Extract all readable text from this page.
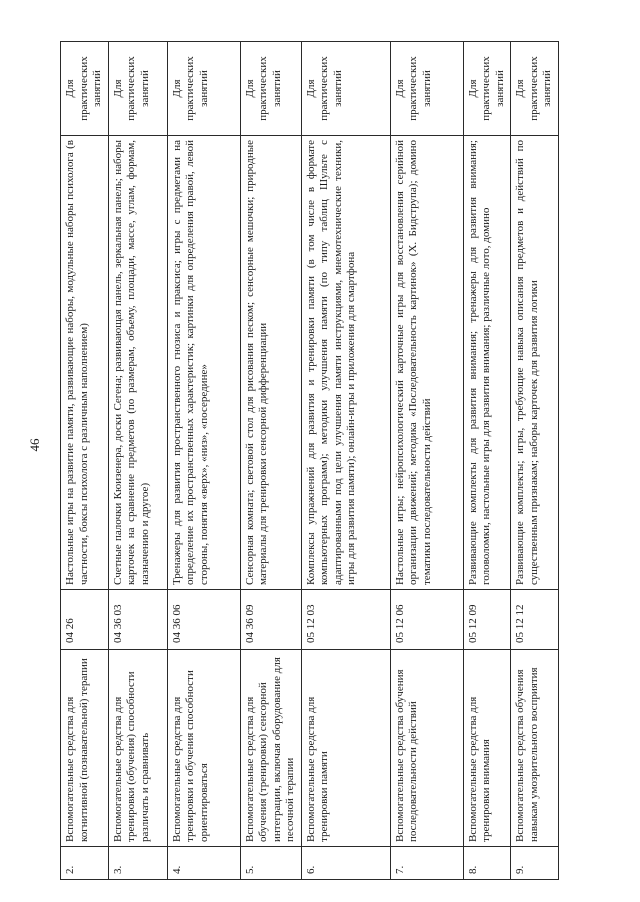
46
2.	Вспомогательные средства для когнитивной (познавательной) терапии	04 26	Настольные игры на развитие памяти, развивающие наборы, модульные наборы психолога (в частности, боксы психолога с различным наполнением)	Для практических занятий
3.	Вспомогательные средства для тренировки (обучения) способности различать и сравнивать	04 36 03	Счетные палочки Кюизенера, доски Сегена; развивающая панель, зеркальная панель; наборы карточек на сравнение предметов (по размерам, объему, площади, массе, углам, формам, назначению и другое)	Для практических занятий
4.	Вспомогательные средства для тренировки и обучения способности ориентироваться	04 36 06	Тренажеры для развития пространственного гнозиса и праксиса; игры с предметами на определение их пространственных характеристик; картинки для определения правой, левой стороны, понятия «верх», «низ», «посередине»	Для практических занятий
5.	Вспомогательные средства для обучения (тренировки) сенсорной интеграции, включая оборудование для песочной терапии	04 36 09	Сенсорная комната; световой стол для рисования песком; сенсорные мешочки; природные материалы для тренировки сенсорной дифференциации	Для практических занятий
6.	Вспомогательные средства для тренировки памяти	05 12 03	Комплексы упражнений для развития и тренировки памяти (в том числе в формате компьютерных программ); методики улучшения памяти (по типу таблиц Шульте с адаптированными под цели улучшения памяти инструкциями, мнемотехнические техники, игры для развития памяти); онлайн-игры и приложения для смартфона	Для практических занятий
7.	Вспомогательные средства обучения последовательности действий	05 12 06	Настольные игры; нейропсихологический карточные игры для восстановления серийной организации движений; методика «Последовательность картинок» (Х. Бидструпа); домино тематики последовательности действий	Для практических занятий
8.	Вспомогательные средства для тренировки внимания	05 12 09	Развивающие комплекты для развития внимания; тренажеры для развития внимания; головоломки, настольные игры для развития внимания; различные лото, домино	Для практических занятий
9.	Вспомогательные средства обучения навыкам умозрительного восприятия	05 12 12	Развивающие комплекты; игры, требующие навыка описания предметов и действий по существенным признакам; наборы карточек для развития логики	Для практических занятий
